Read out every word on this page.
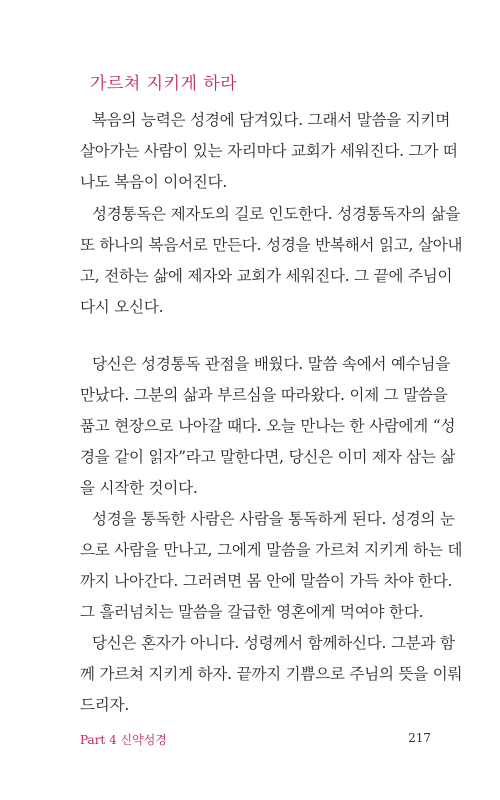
가르쳐 지키게 하라
복음의 능력은 성경에 담겨있다. 그래서 말씀을 지키며
살아가는 사람이 있는 자리마다 교회가 세워진다. 그가 떠
나도 복음이 이어진다.
성경통독은 제자도의 길로 인도한다. 성경통독자의 삶을
또 하나의 복음서로 만든다. 성경을 반복해서 읽고, 살아내
고, 전하는 삶에 제자와 교회가 세워진다. 그 끝에 주님이
다시 오신다.
당신은 성경통독 관점을 배웠다. 말씀 속에서 예수님을
만났다. 그분의 삶과 부르심을 따라왔다. 이제 그 말씀을
품고 현장으로 나아갈 때다. 오늘 만나는 한 사람에게 “성
경을 같이 읽자”라고 말한다면, 당신은 이미 제자 삼는 삶
을 시작한 것이다.
성경을 통독한 사람은 사람을 통독하게 된다. 성경의 눈
으로 사람을 만나고, 그에게 말씀을 가르쳐 지키게 하는 데
까지 나아간다. 그러려면 몸 안에 말씀이 가득 차야 한다.
그 흘러넘치는 말씀을 갈급한 영혼에게 먹여야 한다.
당신은 혼자가 아니다. 성령께서 함께하신다. 그분과 함
께 가르쳐 지키게 하자. 끝까지 기쁨으로 주님의 뜻을 이뤄
드리자.
Part 4 신약성경	217
